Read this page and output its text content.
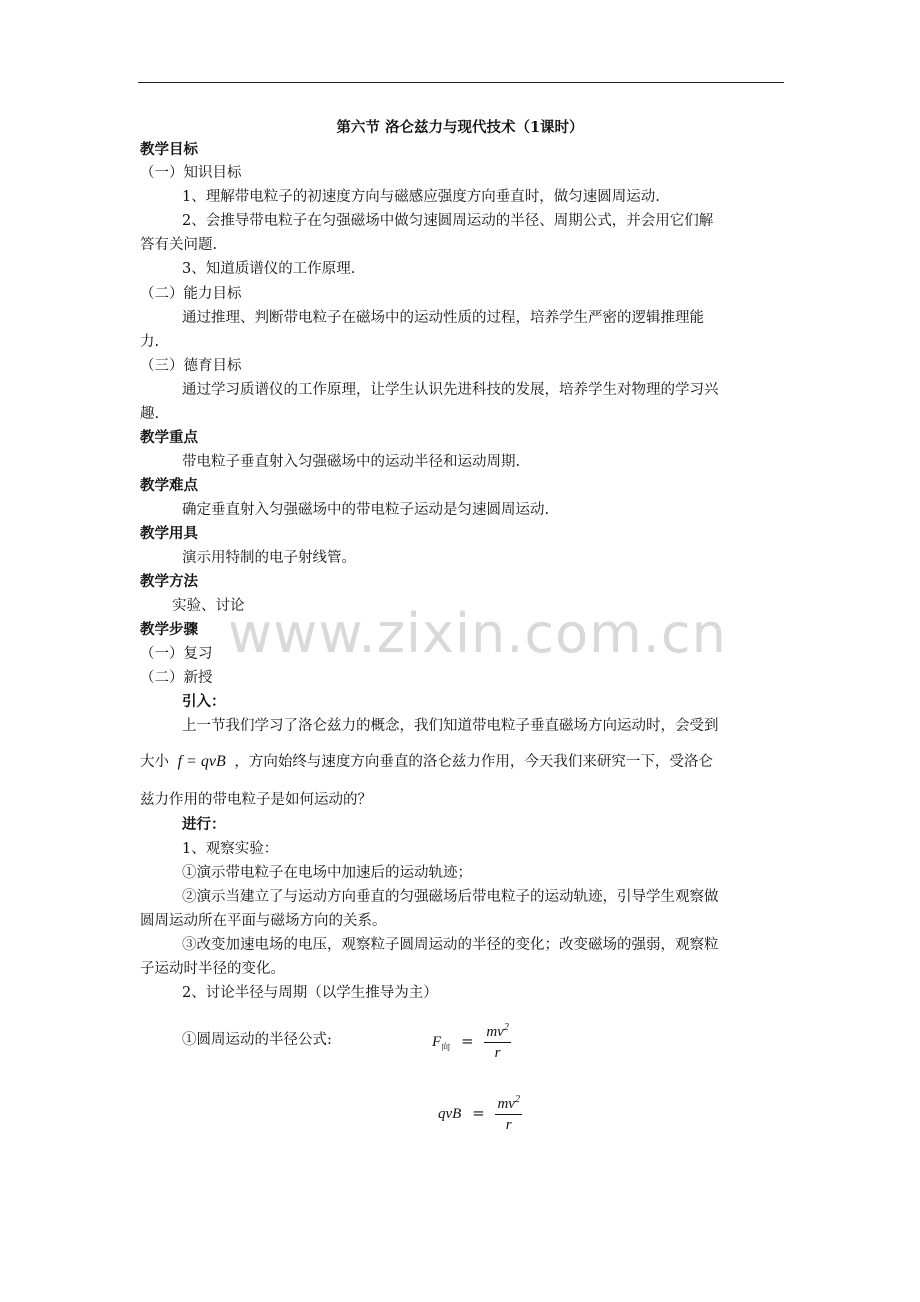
第六节 洛仑兹力与现代技术（1课时）
www.zixin.com.cn
教学目标
（一）知识目标
1、理解带电粒子的初速度方向与磁感应强度方向垂直时，做匀速圆周运动.
2、会推导带电粒子在匀强磁场中做匀速圆周运动的半径、周期公式，并会用它们解
答有关问题.
3、知道质谱仪的工作原理.
（二）能力目标
通过推理、判断带电粒子在磁场中的运动性质的过程，培养学生严密的逻辑推理能
力.
（三）德育目标
通过学习质谱仪的工作原理，让学生认识先进科技的发展，培养学生对物理的学习兴
趣.
教学重点
带电粒子垂直射入匀强磁场中的运动半径和运动周期.
教学难点
确定垂直射入匀强磁场中的带电粒子运动是匀速圆周运动.
教学用具
演示用特制的电子射线管。
教学方法
实验、讨论
教学步骤
（一）复习
（二）新授
引入：
上一节我们学习了洛仑兹力的概念，我们知道带电粒子垂直磁场方向运动时，会受到
兹力作用的带电粒子是如何运动的？
进行：
1、观察实验：
①演示带电粒子在电场中加速后的运动轨迹；
②演示当建立了与运动方向垂直的匀强磁场后带电粒子的运动轨迹，引导学生观察做
圆周运动所在平面与磁场方向的关系。
③改变加速电场的电压，观察粒子圆周运动的半径的变化；改变磁场的强弱，观察粒
子运动时半径的变化。
2、讨论半径与周期（以学生推导为主）
①圆周运动的半径公式:
大小 f = qvB ，方向始终与速度方向垂直的洛仑兹力作用，今天我们来研究一下，受洛仑
$F_向 = \frac{mv^2}{r}$
qvB = $\frac{mv^2}{r}$
